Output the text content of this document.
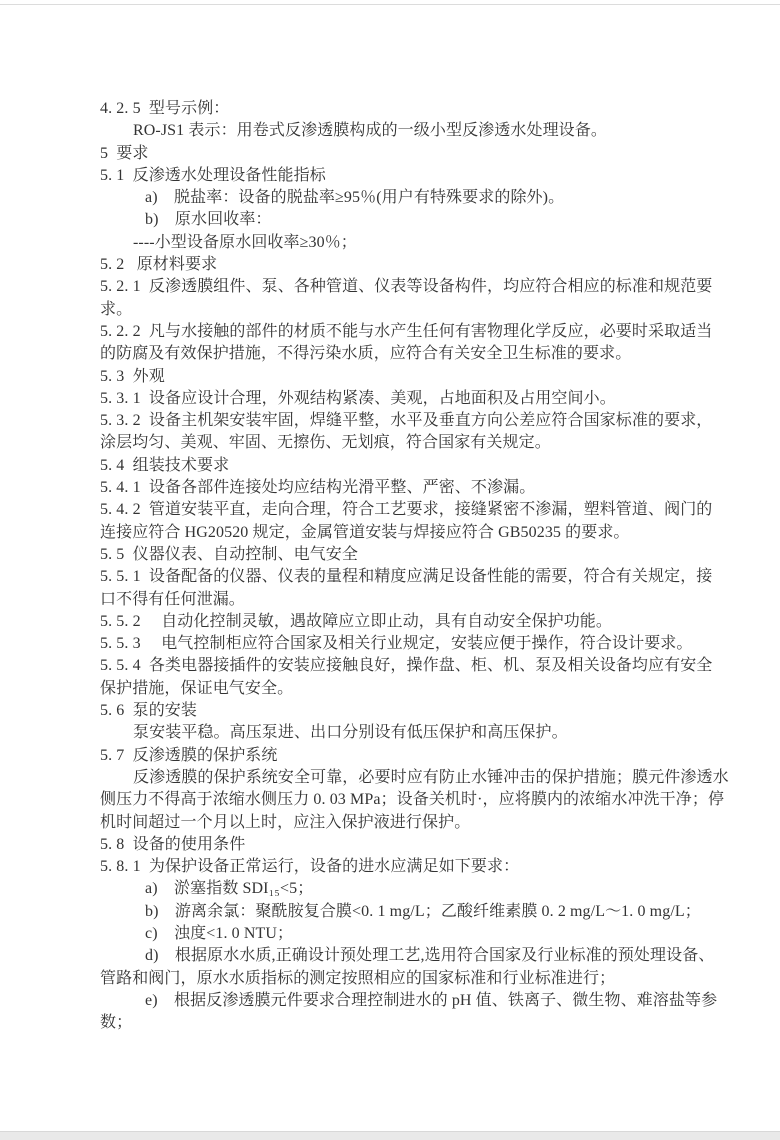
4. 2. 5  型号示例：
RO-JS1 表示：用卷式反渗透膜构成的一级小型反渗透水处理设备。
5  要求
5. 1  反渗透水处理设备性能指标
a)    脱盐率：设备的脱盐率≥95％(用户有特殊要求的除外)。
b)    原水回收率：
----小型设备原水回收率≥30％；
5. 2   原材料要求
5. 2. 1  反渗透膜组件、泵、各种管道、仪表等设备构件，均应符合相应的标准和规范要
求。
5. 2. 2  凡与水接触的部件的材质不能与水产生任何有害物理化学反应，必要时采取适当
的防腐及有效保护措施，不得污染水质，应符合有关安全卫生标准的要求。
5. 3  外观
5. 3. 1  设备应设计合理，外观结构紧凑、美观，占地面积及占用空间小。
5. 3. 2  设备主机架安装牢固，焊缝平整，水平及垂直方向公差应符合国家标准的要求，
涂层均匀、美观、牢固、无擦伤、无划痕，符合国家有关规定。
5. 4  组装技术要求
5. 4. 1  设备各部件连接处均应结构光滑平整、严密、不渗漏。
5. 4. 2  管道安装平直，走向合理，符合工艺要求，接缝紧密不渗漏，塑料管道、阀门的
连接应符合 HG20520 规定，金属管道安装与焊接应符合 GB50235 的要求。
5. 5  仪器仪表、自动控制、电气安全
5. 5. 1  设备配备的仪器、仪表的量程和精度应满足设备性能的需要，符合有关规定，接
口不得有任何泄漏。
5. 5. 2     自动化控制灵敏，遇故障应立即止动，具有自动安全保护功能。
5. 5. 3     电气控制柜应符合国家及相关行业规定，安装应便于操作，符合设计要求。
5. 5. 4  各类电器接插件的安装应接触良好，操作盘、柜、机、泵及相关设备均应有安全
保护措施，保证电气安全。
5. 6  泵的安装
泵安装平稳。高压泵进、出口分别设有低压保护和高压保护。
5. 7  反渗透膜的保护系统
反渗透膜的保护系统安全可靠，必要时应有防止水锤冲击的保护措施；膜元件渗透水
侧压力不得高于浓缩水侧压力 0. 03 MPa；设备关机时·，应将膜内的浓缩水冲洗干净；停
机时间超过一个月以上时，应注入保护液进行保护。
5. 8  设备的使用条件
5. 8. 1  为保护设备正常运行，设备的进水应满足如下要求：
a)    淤塞指数 SDI₁₅<5；
b)    游离余氯：聚酰胺复合膜<0. 1 mg/L；乙酸纤维素膜 0. 2 mg/L～1. 0 mg/L；
c)    浊度<1. 0 NTU；
d)    根据原水水质,正确设计预处理工艺,选用符合国家及行业标准的预处理设备、
管路和阀门，原水水质指标的测定按照相应的国家标准和行业标准进行；
e)    根据反渗透膜元件要求合理控制进水的 pH 值、铁离子、微生物、难溶盐等参
数；
